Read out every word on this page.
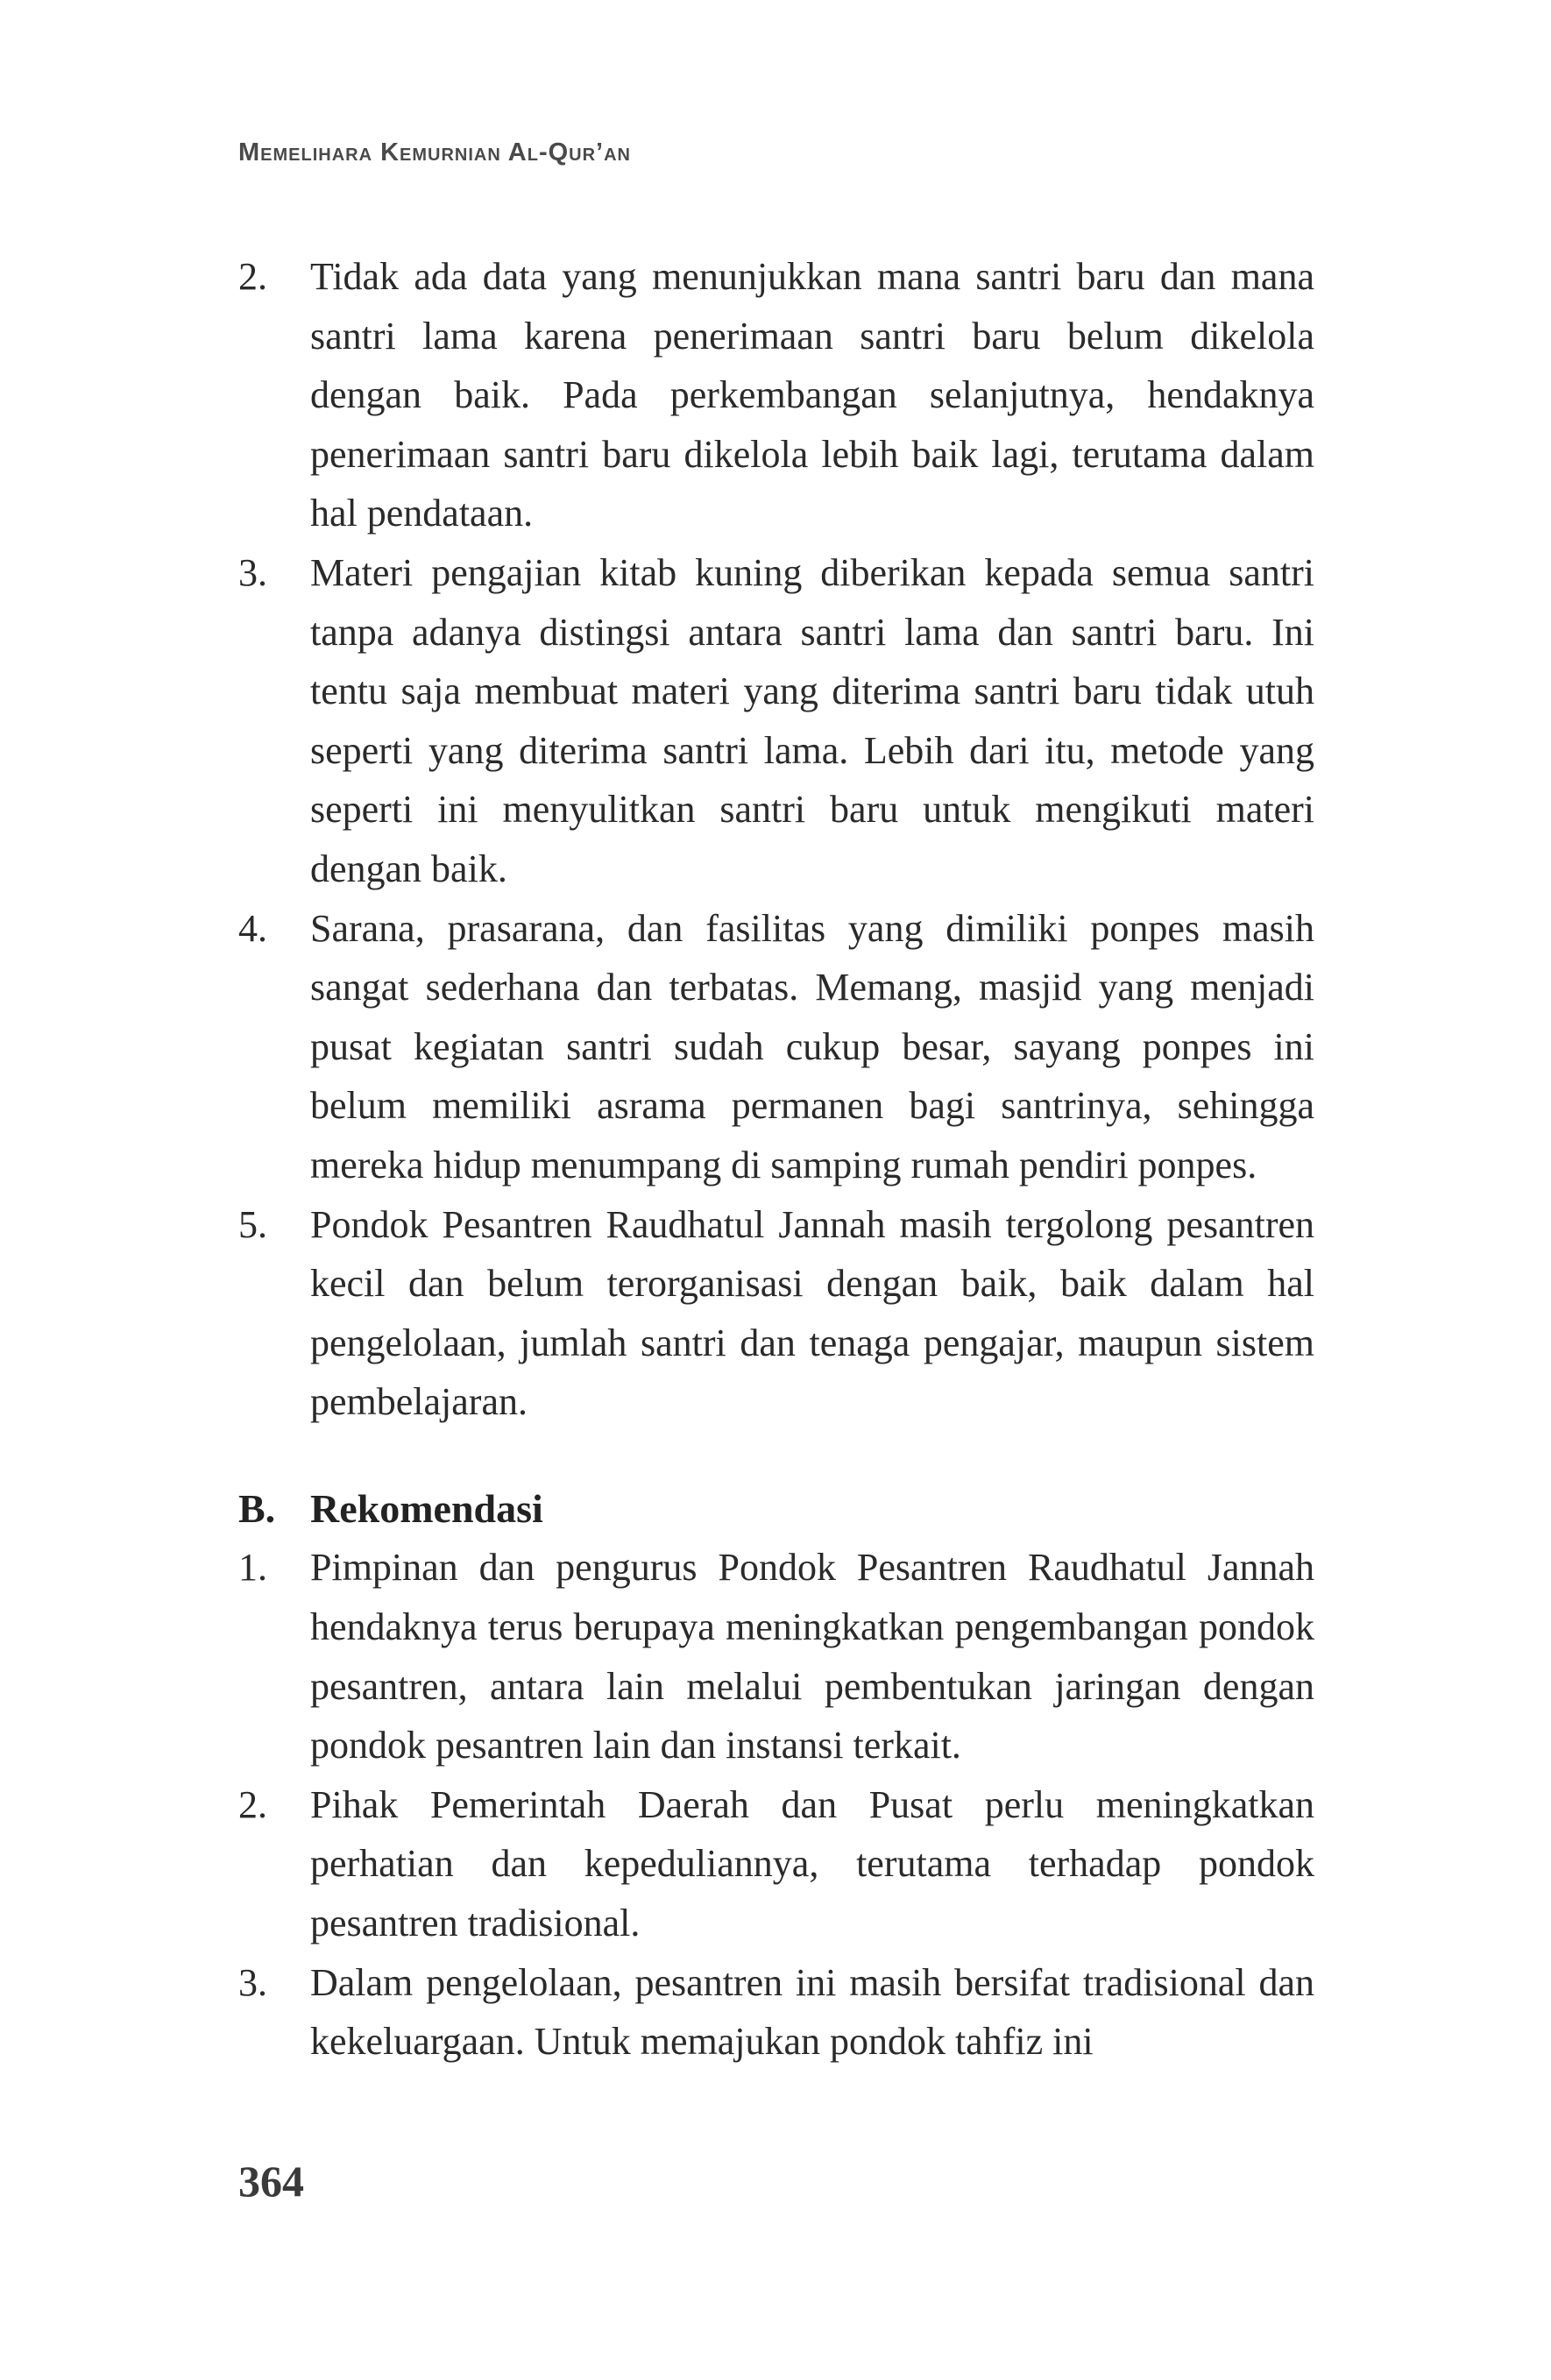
Memelihara Kemurnian Al-Qur’an

2.	Tidak ada data yang menunjukkan mana santri baru dan mana santri lama karena penerimaan santri baru belum dikelola dengan baik. Pada perkembangan selanjutnya, hendaknya penerimaan santri baru dikelola lebih baik lagi, terutama dalam hal pendataan.
3.	Materi pengajian kitab kuning diberikan kepada semua santri tanpa adanya distingsi antara santri lama dan santri baru. Ini tentu saja membuat materi yang diterima santri baru tidak utuh seperti yang diterima santri lama. Lebih dari itu, metode yang seperti ini menyulitkan santri baru untuk mengikuti materi dengan baik.
4.	Sarana, prasarana, dan fasilitas yang dimiliki ponpes masih sangat sederhana dan terbatas. Memang, masjid yang menjadi pusat kegiatan santri sudah cukup besar, sayang ponpes ini belum memiliki asrama permanen bagi santrinya, sehingga mereka hidup menumpang di samping rumah pendiri ponpes.
5.	Pondok Pesantren Raudhatul Jannah masih tergolong pesantren kecil dan belum terorganisasi dengan baik, baik dalam hal pengelolaan, jumlah santri dan tenaga pengajar, maupun sistem pembelajaran.
B. Rekomendasi
1.	Pimpinan dan pengurus Pondok Pesantren Raudhatul Jannah hendaknya terus berupaya meningkatkan pengembangan pondok pesantren, antara lain melalui pembentukan jaringan dengan pondok pesantren lain dan instansi terkait.
2.	Pihak Pemerintah Daerah dan Pusat perlu meningkatkan perhatian dan kepeduliannya, terutama terhadap pondok pesantren tradisional.
3.	Dalam pengelolaan, pesantren ini masih bersifat tradisional dan kekeluargaan. Untuk memajukan pondok tahfiz ini

364
